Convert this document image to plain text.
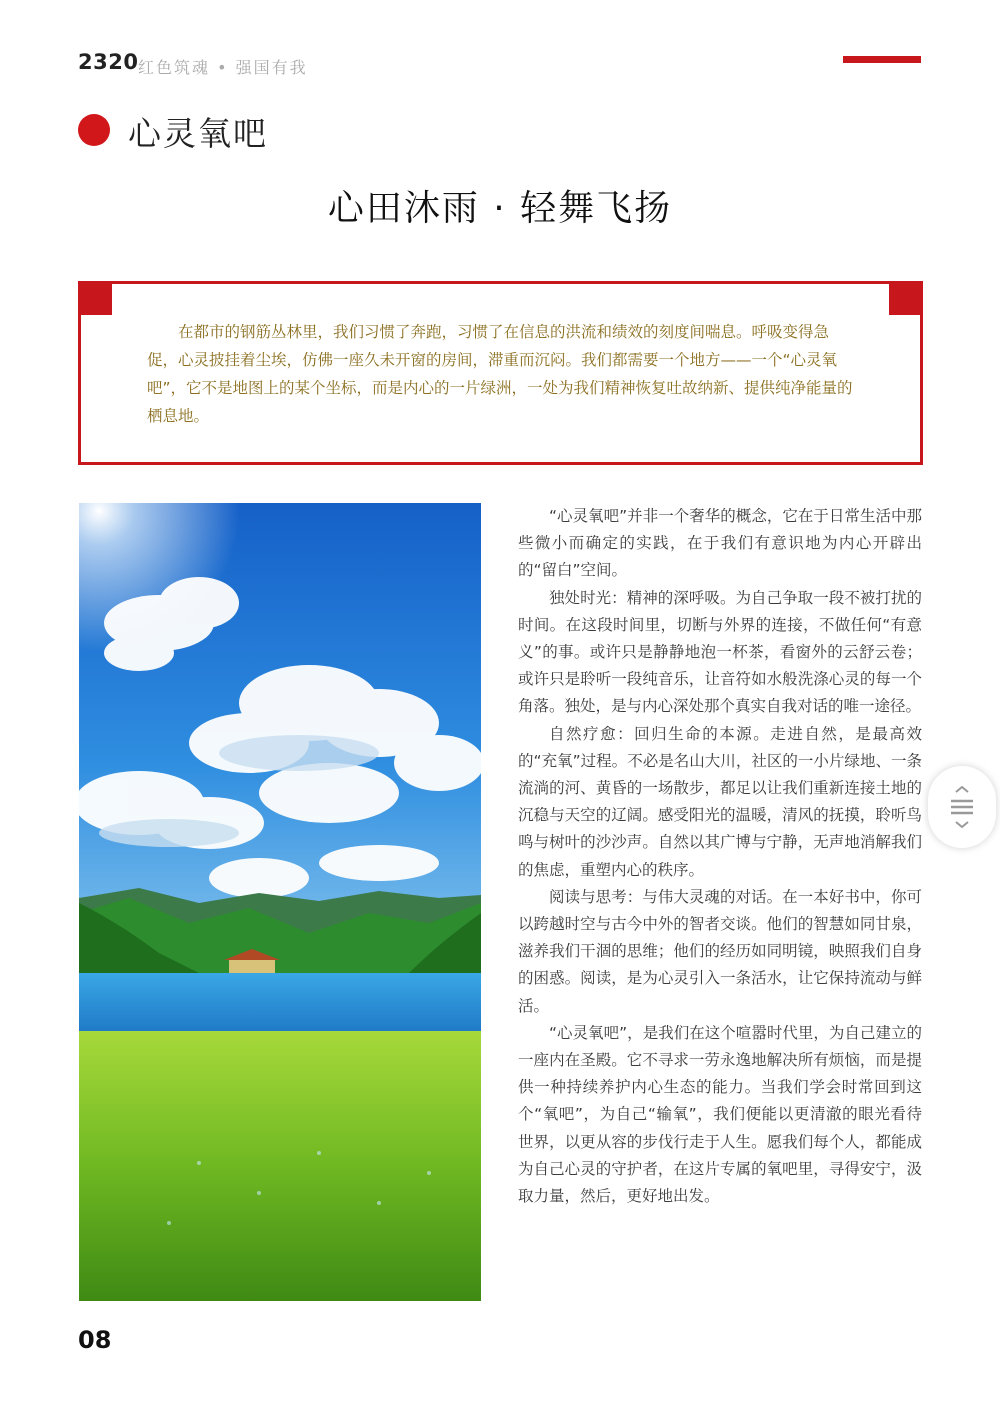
2320 红色筑魂 • 强国有我
心灵氧吧
心田沐雨 · 轻舞飞扬
在都市的钢筋丛林里，我们习惯了奔跑，习惯了在信息的洪流和绩效的刻度间喘息。呼吸变得急促，心灵披挂着尘埃，仿佛一座久未开窗的房间，滞重而沉闷。我们都需要一个地方——一个“心灵氧吧”，它不是地图上的某个坐标，而是内心的一片绿洲，一处为我们精神恢复吐故纳新、提供纯净能量的栖息地。

“心灵氧吧”并非一个奢华的概念，它在于日常生活中那些微小而确定的实践，在于我们有意识地为内心开辟出的“留白”空间。

独处时光：精神的深呼吸。为自己争取一段不被打扰的时间。在这段时间里，切断与外界的连接，不做任何“有意义”的事。或许只是静静地泡一杯茶，看窗外的云舒云卷；或许只是聆听一段纯音乐，让音符如水般洗涤心灵的每一个角落。独处，是与内心深处那个真实自我对话的唯一途径。

自然疗愈：回归生命的本源。走进自然，是最高效的“充氧”过程。不必是名山大川，社区的一小片绿地、一条流淌的河、黄昏的一场散步，都足以让我们重新连接土地的沉稳与天空的辽阔。感受阳光的温暖，清风的抚摸，聆听鸟鸣与树叶的沙沙声。自然以其广博与宁静，无声地消解我们的焦虑，重塑内心的秩序。

阅读与思考：与伟大灵魂的对话。在一本好书中，你可以跨越时空与古今中外的智者交谈。他们的智慧如同甘泉，滋养我们干涸的思维；他们的经历如同明镜，映照我们自身的困惑。阅读，是为心灵引入一条活水，让它保持流动与鲜活。

“心灵氧吧”，是我们在这个喧嚣时代里，为自己建立的一座内在圣殿。它不寻求一劳永逸地解决所有烦恼，而是提供一种持续养护内心生态的能力。当我们学会时常回到这个“氧吧”，为自己“输氧”，我们便能以更清澈的眼光看待世界，以更从容的步伐行走于人生。愿我们每个人，都能成为自己心灵的守护者，在这片专属的氧吧里，寻得安宁，汲取力量，然后，更好地出发。

08
